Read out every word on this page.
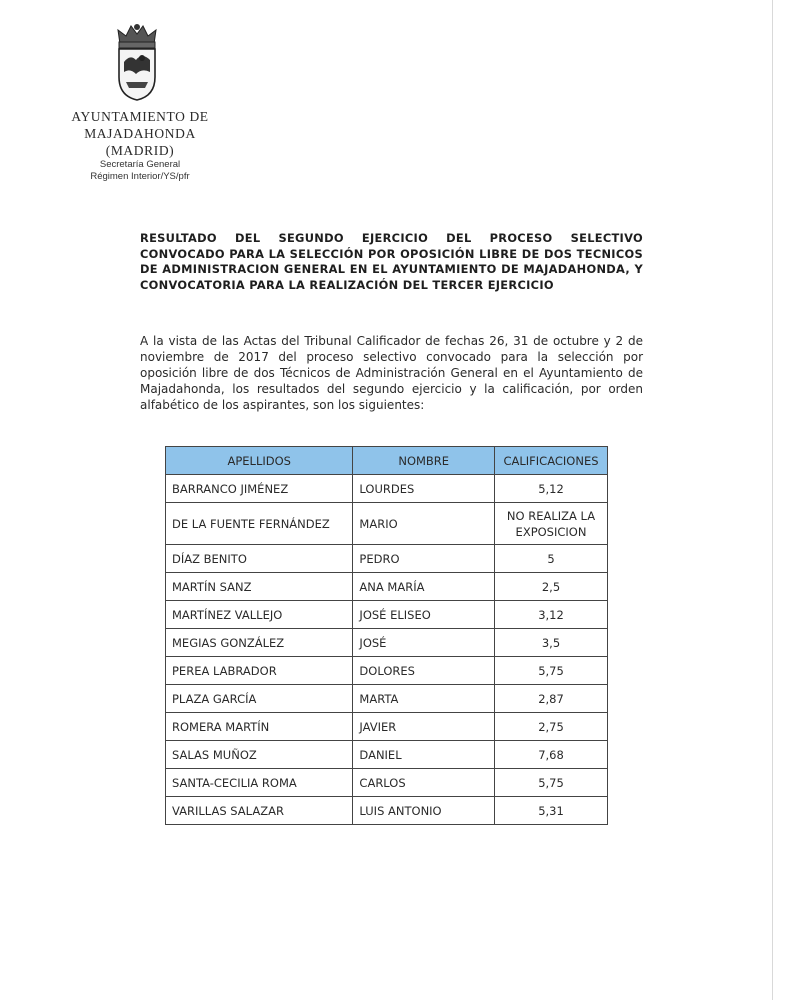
AYUNTAMIENTO DE
MAJADAHONDA
(MADRID)
Secretaría General
Régimen Interior/YS/pfr
RESULTADO DEL SEGUNDO EJERCICIO DEL PROCESO SELECTIVO CONVOCADO PARA LA SELECCIÓN POR OPOSICIÓN LIBRE DE DOS TECNICOS DE ADMINISTRACION GENERAL EN EL AYUNTAMIENTO DE MAJADAHONDA, Y CONVOCATORIA PARA LA REALIZACIÓN DEL TERCER EJERCICIO
A la vista de las Actas del Tribunal Calificador de fechas 26, 31 de octubre y 2 de noviembre de 2017 del proceso selectivo convocado para la selección por oposición libre de dos Técnicos de Administración General en el Ayuntamiento de Majadahonda, los resultados del segundo ejercicio y la calificación, por orden alfabético de los aspirantes, son los siguientes:
APELLIDOS	NOMBRE	CALIFICACIONES
BARRANCO JIMÉNEZ	LOURDES	5,12
DE LA FUENTE FERNÁNDEZ	MARIO	NO REALIZA LA EXPOSICION
DÍAZ BENITO	PEDRO	5
MARTÍN SANZ	ANA MARÍA	2,5
MARTÍNEZ VALLEJO	JOSÉ ELISEO	3,12
MEGIAS GONZÁLEZ	JOSÉ	3,5
PEREA LABRADOR	DOLORES	5,75
PLAZA GARCÍA	MARTA	2,87
ROMERA MARTÍN	JAVIER	2,75
SALAS MUÑOZ	DANIEL	7,68
SANTA-CECILIA ROMA	CARLOS	5,75
VARILLAS SALAZAR	LUIS ANTONIO	5,31
